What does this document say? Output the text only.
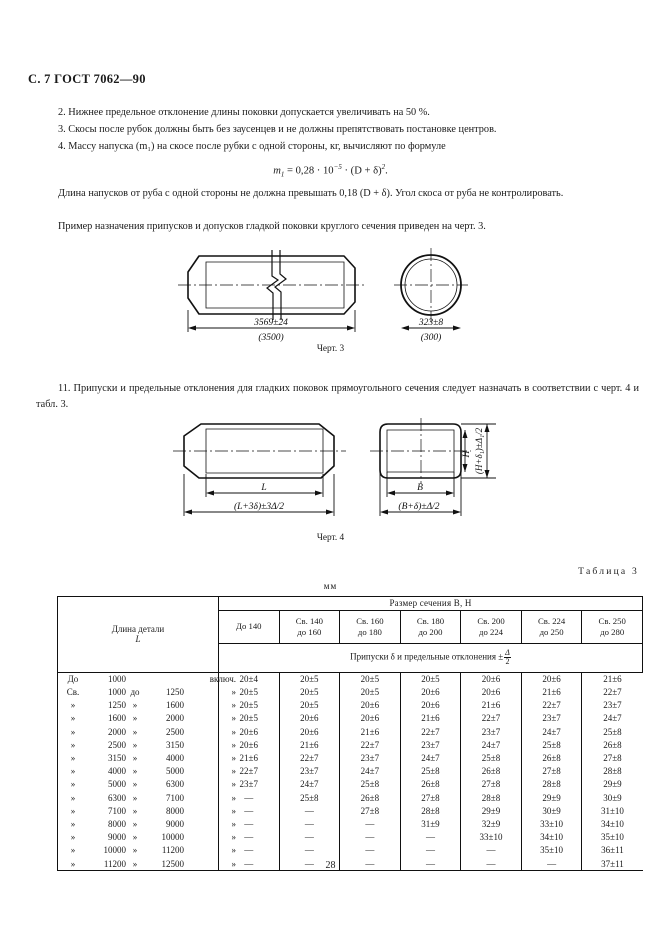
С. 7 ГОСТ 7062—90

2. Нижнее предельное отклонение длины поковки допускается увеличивать на 50 %.

3. Скосы после рубок должны быть без заусенцев и не должны препятствовать постановке центров.

4. Массу напуска (m₁) на скосе после рубки с одной стороны, кг, вычисляют по формуле

$m_1 = 0,28 \cdot 10^{-5} \cdot (D + \delta)^2$.
Длина напусков от руба с одной стороны не должна превышать 0,18 (D + δ). Угол скоса от руба не контролировать.
Пример назначения припусков и допусков гладкой поковки круглого сечения приведен на черт. 3.
3569±24
(3500)
323±8
(300)
Черт. 3
L
(L+3δ)±3Δ/2
B
(B+δ)±Δ/2
H (H+δ₁)±Δ₁/2
Черт. 4
11. Припуски и предельные отклонения для гладких поковок прямоугольного сечения следует назначать в соответствии с черт. 4 и табл. 3.
Таблица 3
мм
Длина детали
L	Размер сечения B, H						

До 140

Св. 140
до 160

Св. 160
до 180

Св. 180
до 200

Св. 200
до 224

Св. 224
до 250

Св. 250
до 280

	Припуски δ и предельные отклонения ± $\frac{\Delta}{2}$

До 1000 включ.	20±4	20±5	20±5	20±5	20±6	20±6	21±6
Св. 1000 до 1250 »	20±5	20±5	20±5	20±6	20±6	21±6	22±7
» 1250 » 1600 »	20±5	20±5	20±6	20±6	21±6	22±7	23±7
» 1600 » 2000 »	20±5	20±6	20±6	21±6	22±7	23±7	24±7
» 2000 » 2500 »	20±6	20±6	21±6	22±7	23±7	24±7	25±8
» 2500 » 3150 »	20±6	21±6	22±7	23±7	24±7	25±8	26±8
» 3150 » 4000 »	21±6	22±7	23±7	24±7	25±8	26±8	27±8
» 4000 » 5000 »	22±7	23±7	24±7	25±8	26±8	27±8	28±8
» 5000 » 6300 »	23±7	24±7	25±8	26±8	27±8	28±8	29±9
» 6300 » 7100 »	—	25±8	26±8	27±8	28±8	29±9	30±9
» 7100 » 8000 »	—	—	27±8	28±8	29±9	30±9	31±10
» 8000 » 9000 »	—	—	—	31±9	32±9	33±10	34±10
» 9000 » 10000 »	—	—	—	—	33±10	34±10	35±10
» 10000 » 11200 »	—	—	—	—	—	35±10	36±11
» 11200 » 12500 »	—	—	—	—	—	—	37±11
28
